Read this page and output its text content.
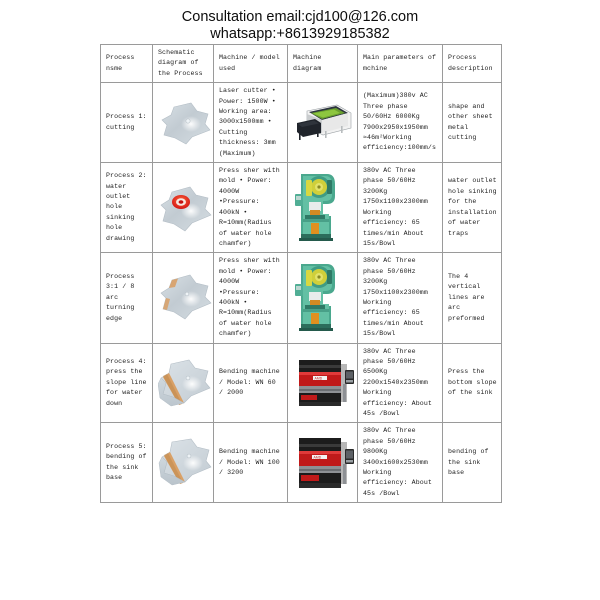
Consultation email:cjd100@126.com
whatsapp:+8613929185382
Process nsme	Schematic diagram of the Process	Machine / model used	Machine diagram	Main parameters of mchine	Process description
Process 1: cutting		Laser cutter • Power: 1500W • Working area: 3000x1500mm • Cutting thickness: 3mm (Maximum)		(Maximum)380v AC Three phase 50/60Hz 6000Kg 7900x2950x1950mm ≈46m²Working efficiency:100mm/s	shape and other sheet metal cutting
Process 2: water outlet hole sinking hole drawing		Press sher with mold • Power: 4000W •Pressure: 400kN • R=10mm(Radius of water hole chamfer)		380v AC Three phase 50/60Hz 3200Kg 1750x1100x2300mm Working efficiency: 65 times/min About 15s/Bowl	water outlet hole sinking for the installation of water traps
Process 3:1 / 8 arc turning edge		Press sher with mold • Power: 4000W •Pressure: 400kN • R=10mm(Radius of water hole chamfer)		380v AC Three phase 50/60Hz 3200Kg 1750x1100x2300mm Working efficiency: 65 times/min About 15s/Bowl	The 4 vertical lines are arc preformed
Process 4: press the slope line for water down		Bending machine / Model: WN 60 / 2000	AMD	380v AC Three phase 50/60Hz 6500Kg 2200x1540x2350mm Working efficiency: About 45s /Bowl	Press the bottom slope of the sink
Process 5: bending of the sink base		Bending machine / Model: WN 100 / 3200	AMD	380v AC Three phase 50/60Hz 9800Kg 3400x1600x2530mm Working efficiency: About 45s /Bowl	bending of the sink base
